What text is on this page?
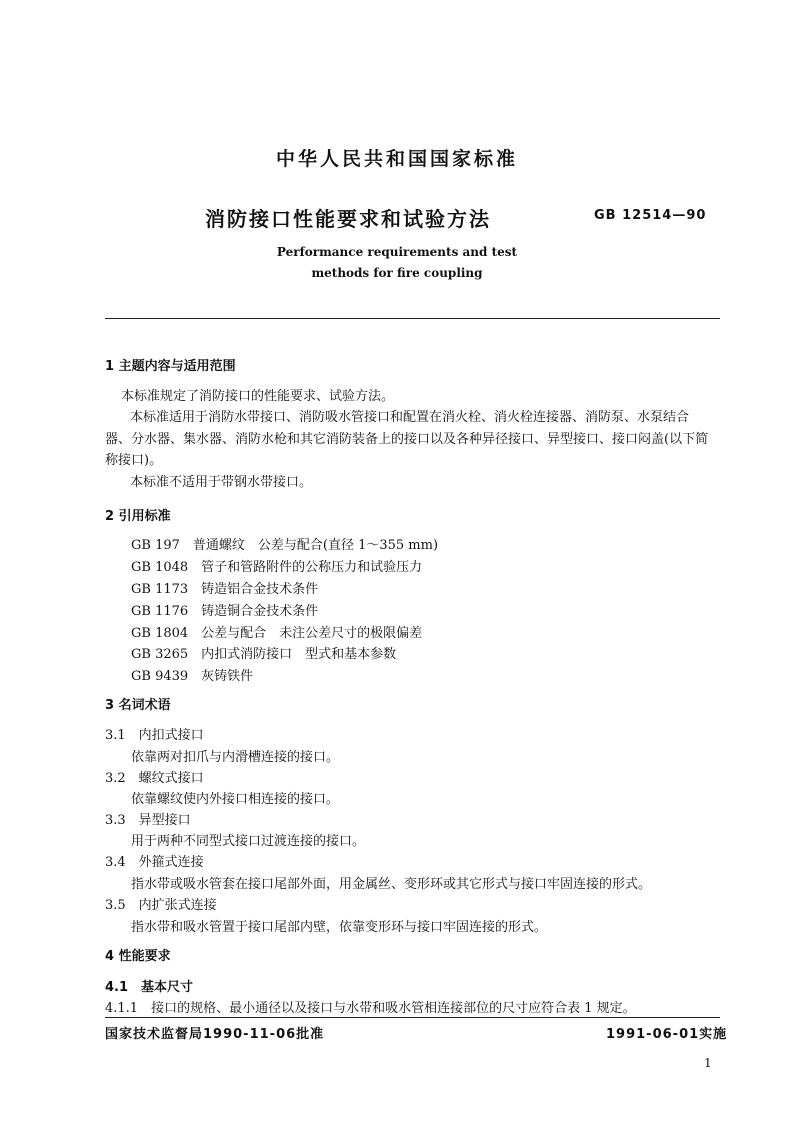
中华人民共和国国家标准
消防接口性能要求和试验方法	GB 12514—90
Performance requirements and test
methods for fire coupling
1 主题内容与适用范围
本标准规定了消防接口的性能要求、试验方法。
本标准适用于消防水带接口、消防吸水管接口和配置在消火栓、消火栓连接器、消防泵、水泵结合
器、分水器、集水器、消防水枪和其它消防装备上的接口以及各种异径接口、异型接口、接口闷盖(以下简
称接口)。
本标准不适用于带钢水带接口。
2 引用标准
GB 197　普通螺纹　公差与配合(直径 1～355 mm)
GB 1048　管子和管路附件的公称压力和试验压力
GB 1173　铸造铝合金技术条件
GB 1176　铸造铜合金技术条件
GB 1804　公差与配合　未注公差尺寸的极限偏差
GB 3265　内扣式消防接口　型式和基本参数
GB 9439　灰铸铁件
3 名词术语
3.1　内扣式接口
依靠两对扣爪与内滑槽连接的接口。
3.2　螺纹式接口
依靠螺纹使内外接口相连接的接口。
3.3　异型接口
用于两种不同型式接口过渡连接的接口。
3.4　外箍式连接
指水带或吸水管套在接口尾部外面，用金属丝、变形环或其它形式与接口牢固连接的形式。
3.5　内扩张式连接
指水带和吸水管置于接口尾部内壁，依靠变形环与接口牢固连接的形式。
4 性能要求
4.1　基本尺寸
4.1.1　接口的规格、最小通径以及接口与水带和吸水管相连接部位的尺寸应符合表 1 规定。
国家技术监督局1990-11-06批准	1991-06-01实施
1
